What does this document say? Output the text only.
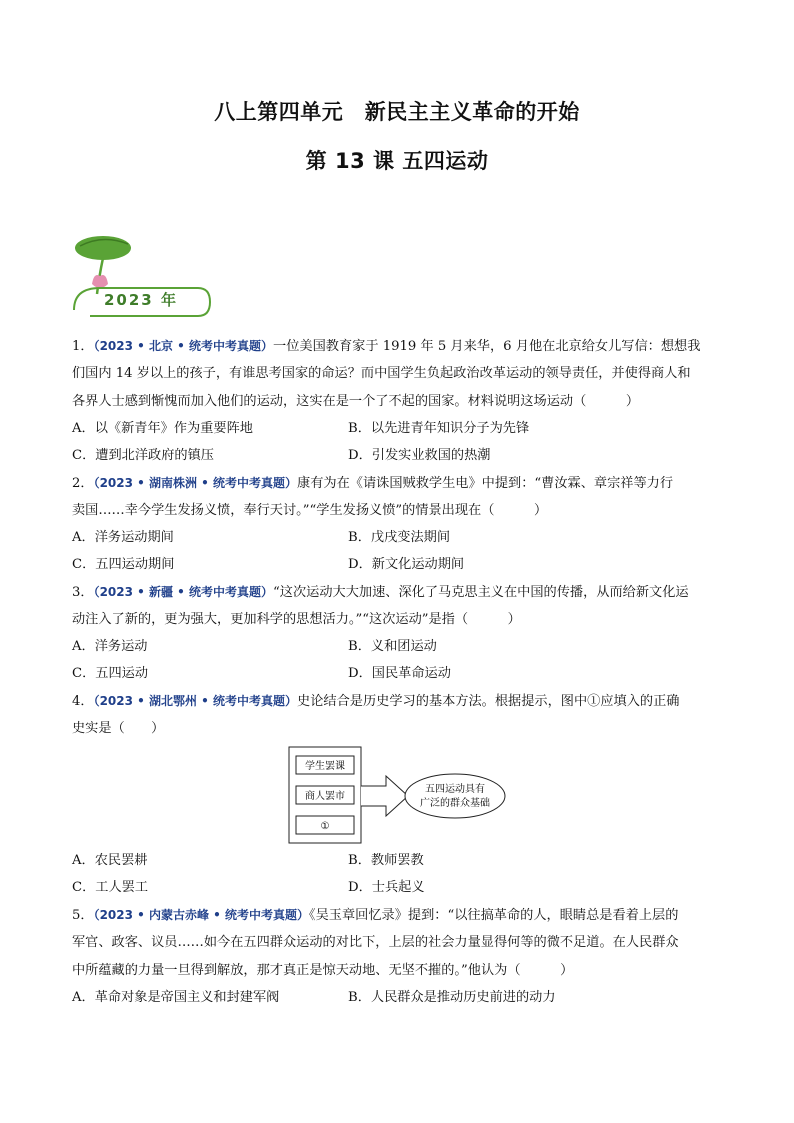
八上第四单元　新民主主义革命的开始
第 13 课 五四运动
2023 年
1．（2023 • 北京 • 统考中考真题）一位美国教育家于 1919 年 5 月来华，6 月他在北京给女儿写信：想想我
们国内 14 岁以上的孩子，有谁思考国家的命运？而中国学生负起政治改革运动的领导责任，并使得商人和
各界人士感到惭愧而加入他们的运动，这实在是一个了不起的国家。材料说明这场运动（　　　）
A．以《新青年》作为重要阵地	B．以先进青年知识分子为先锋
C．遭到北洋政府的镇压	D．引发实业救国的热潮
2．（2023 • 湖南株洲 • 统考中考真题）康有为在《请诛国贼救学生电》中提到：“曹汝霖、章宗祥等力行
卖国……幸今学生发扬义愤，奉行天讨。”“学生发扬义愤”的情景出现在（　　　）
A．洋务运动期间	B．戊戌变法期间
C．五四运动期间	D．新文化运动期间
3．（2023 • 新疆 • 统考中考真题）“这次运动大大加速、深化了马克思主义在中国的传播，从而给新文化运
动注入了新的，更为强大，更加科学的思想活力。”“这次运动”是指（　　　）
A．洋务运动	B．义和团运动
C．五四运动	D．国民革命运动
4．（2023 • 湖北鄂州 • 统考中考真题）史论结合是历史学习的基本方法。根据提示，图中①应填入的正确
史实是（　　）
学生罢课
商人罢市
①
五四运动具有
广泛的群众基础
A．农民罢耕	B．教师罢教
C．工人罢工	D．士兵起义
5．（2023 • 内蒙古赤峰 • 统考中考真题）《吴玉章回忆录》提到：“以往搞革命的人，眼睛总是看着上层的
军官、政客、议员……如今在五四群众运动的对比下，上层的社会力量显得何等的微不足道。在人民群众
中所蕴藏的力量一旦得到解放，那才真正是惊天动地、无坚不摧的。”他认为（　　　）
A．革命对象是帝国主义和封建军阀	B．人民群众是推动历史前进的动力
